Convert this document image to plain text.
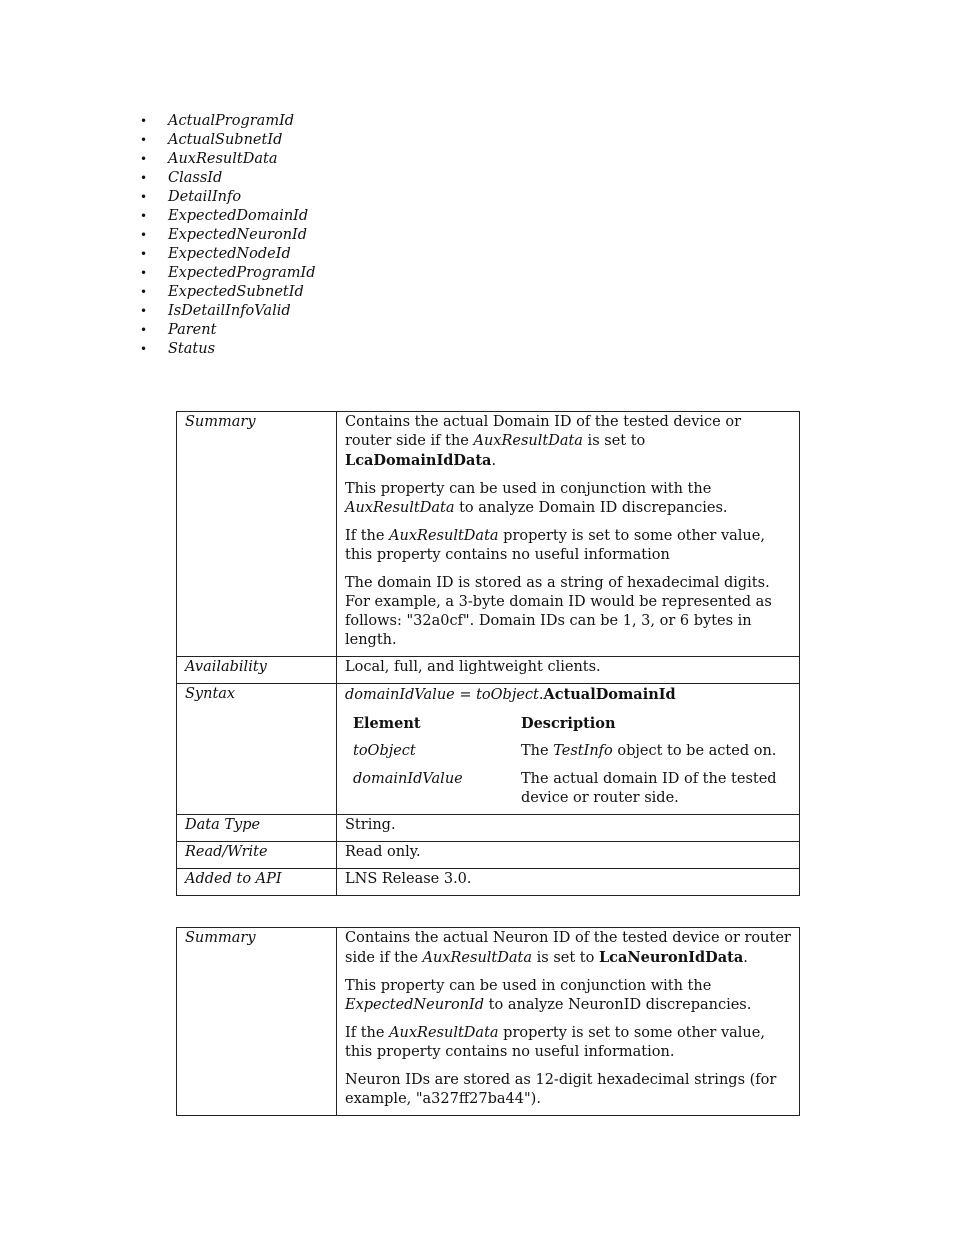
• ActualProgramId
• ActualSubnetId
• AuxResultData
• ClassId
• DetailInfo
• ExpectedDomainId
• ExpectedNeuronId
• ExpectedNodeId
• ExpectedProgramId
• ExpectedSubnetId
• IsDetailInfoValid
• Parent
• Status
Summary	Contains the actual Domain ID of the tested device or router side if the AuxResultData is set to LcaDomainIdData.

This property can be used in conjunction with the AuxResultData to analyze Domain ID discrepancies.

If the AuxResultData property is set to some other value, this property contains no useful information

The domain ID is stored as a string of hexadecimal digits. For example, a 3-byte domain ID would be represented as follows: "32a0cf". Domain IDs can be 1, 3, or 6 bytes in length.

Availability	Local, full, and lightweight clients.
Syntax	domainIdValue = toObject.ActualDomainId
Element	Description
toObject	The TestInfo object to be acted on.
domainIdValue	The actual domain ID of the tested device or router side.

Data Type	String.
Read/Write	Read only.
Added to API	LNS Release 3.0.
Summary	Contains the actual Neuron ID of the tested device or router side if the AuxResultData is set to LcaNeuronIdData.

This property can be used in conjunction with the ExpectedNeuronId to analyze NeuronID discrepancies.

If the AuxResultData property is set to some other value, this property contains no useful information.

Neuron IDs are stored as 12-digit hexadecimal strings (for example, "a327ff27ba44").
